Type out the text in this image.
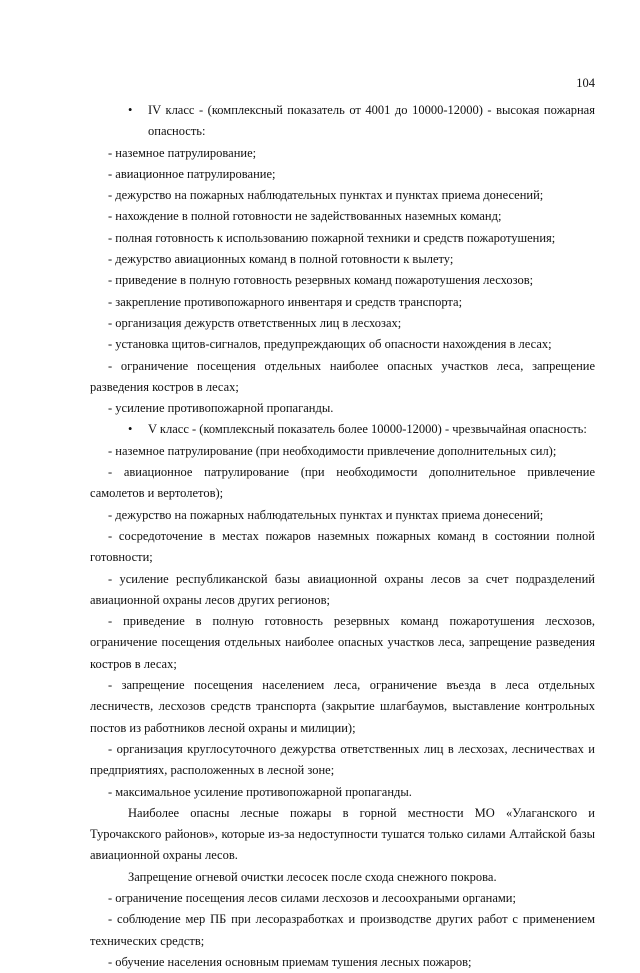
104

• IV класс - (комплексный показатель от 4001 до 10000-12000) - высокая пожарная опасность:

- наземное патрулирование;

- авиационное патрулирование;

- дежурство на пожарных наблюдательных пунктах и пунктах приема донесений;

- нахождение в полной готовности не задействованных наземных команд;

- полная готовность к использованию пожарной техники и средств пожаротушения;

- дежурство авиационных команд в полной готовности к вылету;

- приведение в полную готовность резервных команд пожаротушения лесхозов;

- закрепление противопожарного инвентаря и средств транспорта;

- организация дежурств ответственных лиц в лесхозах;

- установка щитов-сигналов, предупреждающих об опасности нахождения в лесах;

- ограничение посещения отдельных наиболее опасных участков леса, запрещение разведения костров в лесах;

- усиление противопожарной пропаганды.

• V класс - (комплексный показатель более 10000-12000) - чрезвычайная опасность:

- наземное патрулирование (при необходимости привлечение дополнительных сил);

- авиационное патрулирование (при необходимости дополнительное привлечение самолетов и вертолетов);

- дежурство на пожарных наблюдательных пунктах и пунктах приема донесений;

- сосредоточение в местах пожаров наземных пожарных команд в состоянии полной готовности;

- усиление республиканской базы авиационной охраны лесов за счет подразделений авиационной охраны лесов других регионов;

- приведение в полную готовность резервных команд пожаротушения лесхозов, ограничение посещения отдельных наиболее опасных участков леса, запрещение разведения костров в лесах;

- запрещение посещения населением леса, ограничение въезда в леса отдельных лесничеств, лесхозов средств транспорта (закрытие шлагбаумов, выставление контрольных постов из работников лесной охраны и милиции);

- организация круглосуточного дежурства ответственных лиц в лесхозах, лесничествах и предприятиях, расположенных в лесной зоне;

- максимальное усиление противопожарной пропаганды.

Наиболее опасны лесные пожары в горной местности МО «Улаганского и Турочакского районов», которые из-за недоступности тушатся только силами Алтайской базы авиационной охраны лесов.

Запрещение огневой очистки лесосек после схода снежного покрова.

- ограничение посещения лесов силами лесхозов и лесоохраными органами;

- соблюдение мер ПБ при лесоразработках и производстве других работ с применением технических средств;

- обучение населения основным приемам тушения лесных пожаров;
